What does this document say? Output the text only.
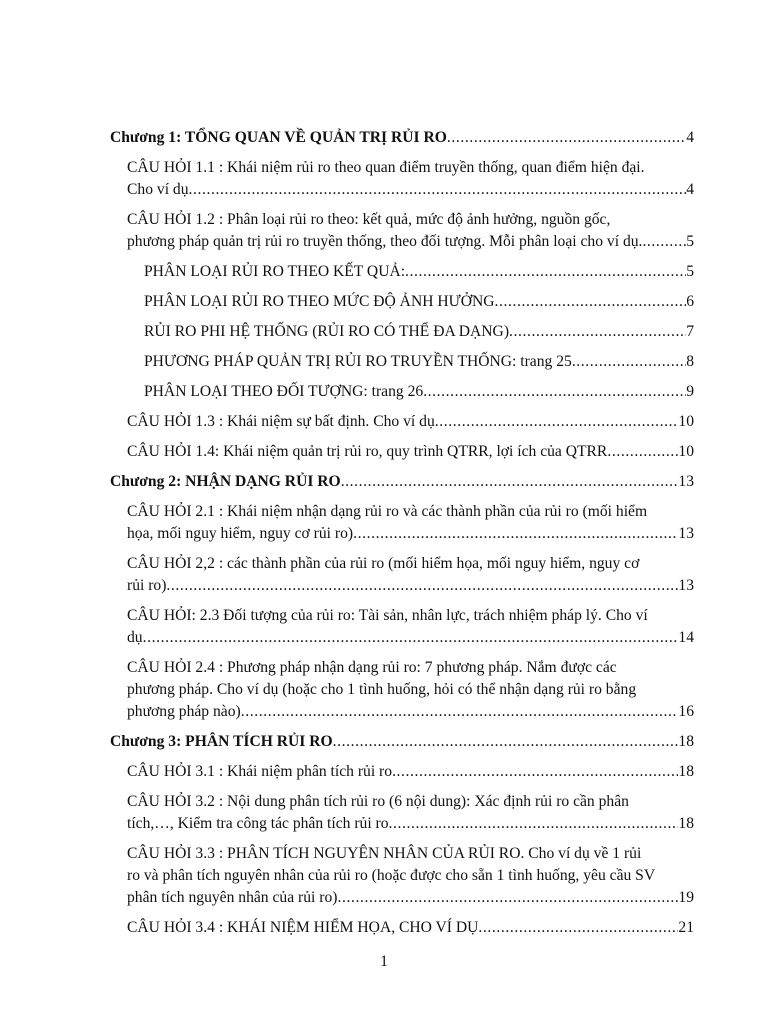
Chương 1: TỔNG QUAN VỀ QUẢN TRỊ RỦI RO .....	4
CÂU HỎI 1.1 : Khái niệm rủi ro theo quan điểm truyền thống, quan điểm hiện đại.
Cho ví dụ .....	4
CÂU HỎI 1.2 : Phân loại rủi ro theo: kết quả, mức độ ảnh hưởng, nguồn gốc,
phương pháp quản trị rủi ro truyền thống, theo đối tượng. Mỗi phân loại cho ví dụ. .....	5
PHÂN LOẠI RỦI RO THEO KẾT QUẢ: .....	5
PHÂN LOẠI RỦI RO THEO MỨC ĐỘ ẢNH HƯỞNG .....	6
RỦI RO PHI HỆ THỐNG (RỦI RO CÓ THỂ ĐA DẠNG) .....	7
PHƯƠNG PHÁP QUẢN TRỊ RỦI RO TRUYỀN THỐNG: trang 25 .....	8
PHÂN LOẠI THEO ĐỐI TƯỢNG: trang 26 .....	9
CÂU HỎI 1.3 : Khái niệm sự bất định. Cho ví dụ .....	10
CÂU HỎI 1.4: Khái niệm quản trị rủi ro, quy trình QTRR, lợi ích của QTRR .....	10
Chương 2: NHẬN DẠNG RỦI RO .....	13
CÂU HỎI 2.1 : Khái niệm nhận dạng rủi ro và các thành phần của rủi ro (mối hiểm
họa, mối nguy hiểm, nguy cơ rủi ro) .....	13
CÂU HỎI 2,2 : các thành phần của rủi ro (mối hiểm họa, mối nguy hiểm, nguy cơ
rủi ro) .....	13
CÂU HỎI: 2.3 Đối tượng của rủi ro: Tài sản, nhân lực, trách nhiệm pháp lý. Cho ví
dụ .....	14
CÂU HỎI 2.4 : Phương pháp nhận dạng rủi ro: 7 phương pháp. Nắm được các
phương pháp. Cho ví dụ (hoặc cho 1 tình huống, hỏi có thể nhận dạng rủi ro bằng
phương pháp nào) .....	16
Chương 3: PHÂN TÍCH RỦI RO .....	18
CÂU HỎI 3.1 : Khái niệm phân tích rủi ro .....	18
CÂU HỎI 3.2 : Nội dung phân tích rủi ro (6 nội dung): Xác định rủi ro cần phân
tích,…, Kiểm tra công tác phân tích rủi ro .....	18
CÂU HỎI 3.3 : PHÂN TÍCH NGUYÊN NHÂN CỦA RỦI RO. Cho ví dụ về 1 rủi
ro và phân tích nguyên nhân của rủi ro (hoặc được cho sẵn 1 tình huống, yêu cầu SV
phân tích nguyên nhân của rủi ro) .....	19
CÂU HỎI 3.4 : KHÁI NIỆM HIỂM HỌA, CHO VÍ DỤ .....	21
1
